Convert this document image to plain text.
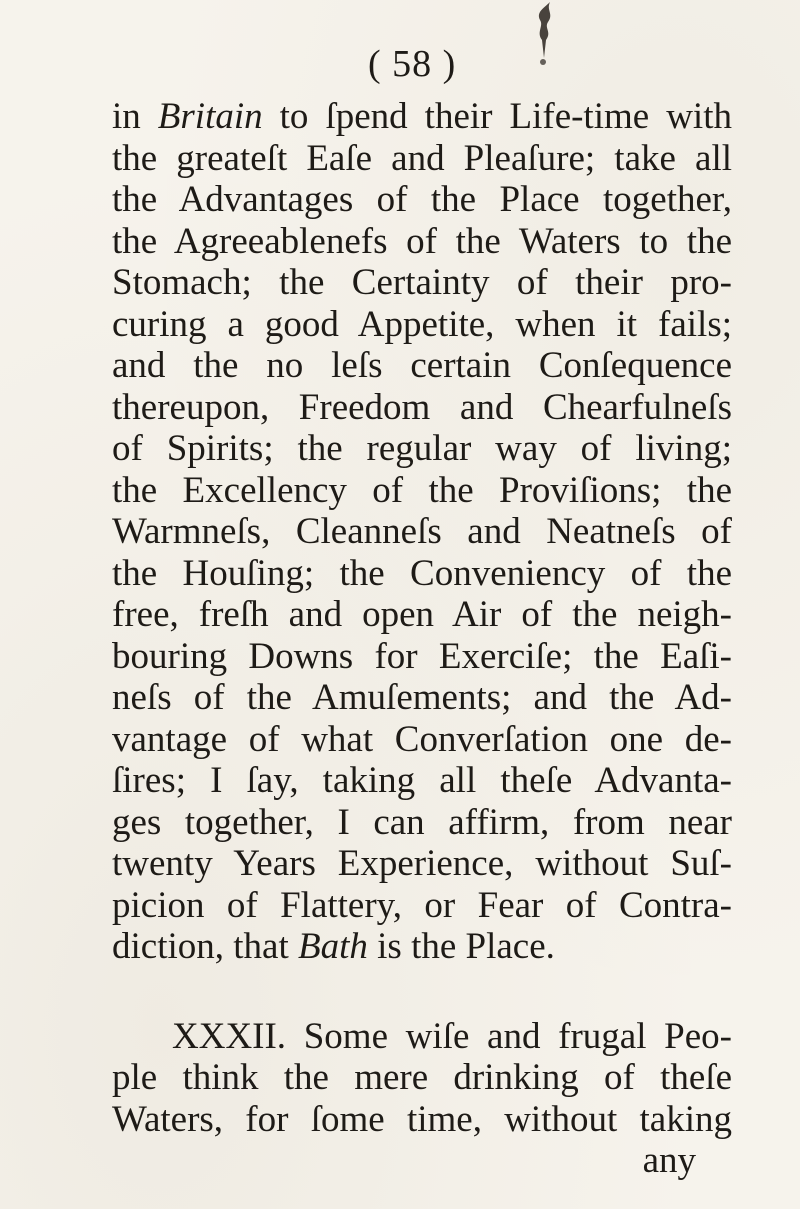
( 58 )
in Britain to ſpend their Life-time with
the greateſt Eaſe and Pleaſure; take all
the Advantages of the Place together,
the Agreeablenefs of the Waters to the
Stomach; the Certainty of their pro-
curing a good Appetite, when it fails;
and the no leſs certain Conſequence
thereupon, Freedom and Chearfulneſs
of Spirits; the regular way of living;
the Excellency of the Proviſions; the
Warmneſs, Cleanneſs and Neatneſs of
the Houſing; the Conveniency of the
free, freſh and open Air of the neigh-
bouring Downs for Exerciſe; the Eaſi-
neſs of the Amuſements; and the Ad-
vantage of what Converſation one de-
ſires; I ſay, taking all theſe Advanta-
ges together, I can affirm, from near
twenty Years Experience, without Suſ-
picion of Flattery, or Fear of Contra-
diction, that Bath is the Place.
XXXII. Some wiſe and frugal Peo-
ple think the mere drinking of theſe
Waters, for ſome time, without taking
any
